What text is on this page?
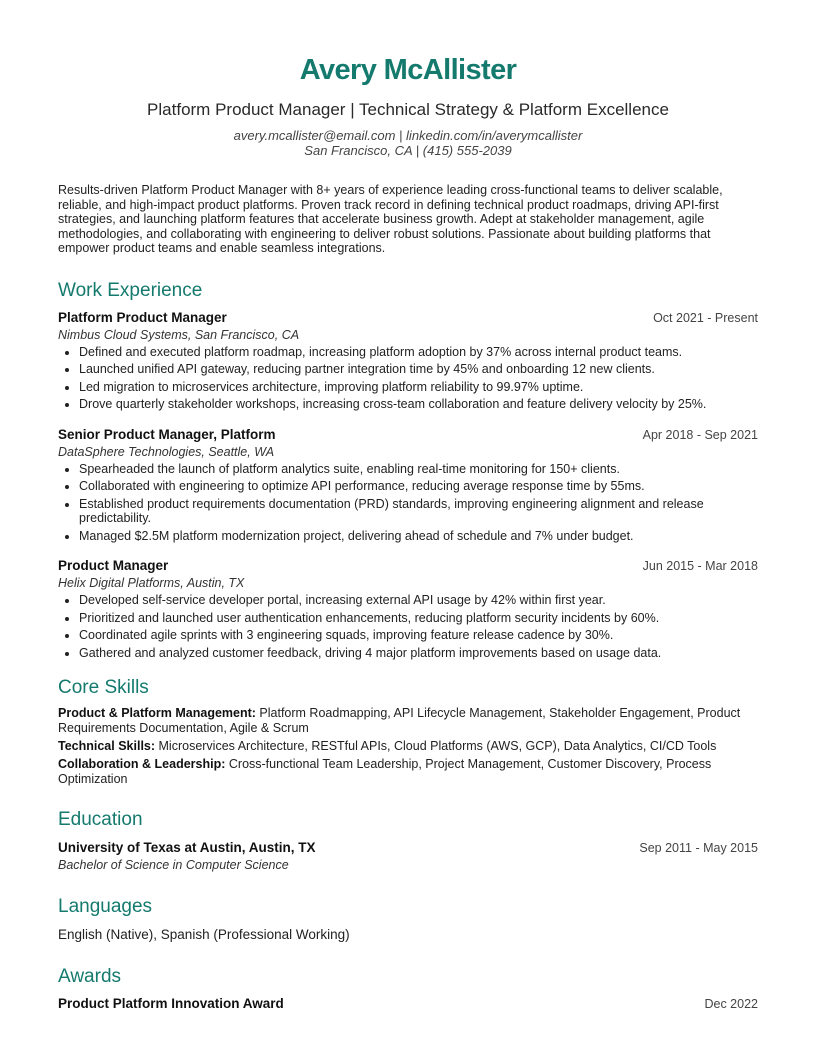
Avery McAllister
Platform Product Manager | Technical Strategy & Platform Excellence
avery.mcallister@email.com | linkedin.com/in/averymcallister
San Francisco, CA | (415) 555-2039
Results-driven Platform Product Manager with 8+ years of experience leading cross-functional teams to deliver scalable, reliable, and high-impact product platforms. Proven track record in defining technical product roadmaps, driving API-first strategies, and launching platform features that accelerate business growth. Adept at stakeholder management, agile methodologies, and collaborating with engineering to deliver robust solutions. Passionate about building platforms that empower product teams and enable seamless integrations.
Work Experience
Platform Product Manager	Oct 2021 - Present
Nimbus Cloud Systems, San Francisco, CA
• Defined and executed platform roadmap, increasing platform adoption by 37% across internal product teams.
• Launched unified API gateway, reducing partner integration time by 45% and onboarding 12 new clients.
• Led migration to microservices architecture, improving platform reliability to 99.97% uptime.
• Drove quarterly stakeholder workshops, increasing cross-team collaboration and feature delivery velocity by 25%.
Senior Product Manager, Platform	Apr 2018 - Sep 2021
DataSphere Technologies, Seattle, WA
• Spearheaded the launch of platform analytics suite, enabling real-time monitoring for 150+ clients.
• Collaborated with engineering to optimize API performance, reducing average response time by 55ms.
• Established product requirements documentation (PRD) standards, improving engineering alignment and release predictability.
• Managed $2.5M platform modernization project, delivering ahead of schedule and 7% under budget.
Product Manager	Jun 2015 - Mar 2018
Helix Digital Platforms, Austin, TX
• Developed self-service developer portal, increasing external API usage by 42% within first year.
• Prioritized and launched user authentication enhancements, reducing platform security incidents by 60%.
• Coordinated agile sprints with 3 engineering squads, improving feature release cadence by 30%.
• Gathered and analyzed customer feedback, driving 4 major platform improvements based on usage data.
Core Skills
Product & Platform Management: Platform Roadmapping, API Lifecycle Management, Stakeholder Engagement, Product Requirements Documentation, Agile & Scrum
Technical Skills: Microservices Architecture, RESTful APIs, Cloud Platforms (AWS, GCP), Data Analytics, CI/CD Tools
Collaboration & Leadership: Cross-functional Team Leadership, Project Management, Customer Discovery, Process Optimization
Education
University of Texas at Austin, Austin, TX	Sep 2011 - May 2015
Bachelor of Science in Computer Science
Languages
English (Native), Spanish (Professional Working)
Awards
Product Platform Innovation Award	Dec 2022
